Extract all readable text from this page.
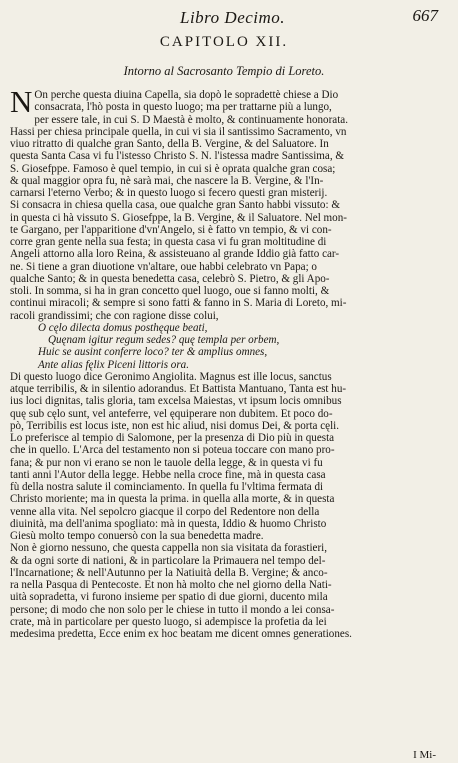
Libro Decimo.	667
CAPITOLO XII.
Intorno al Sacrosanto Tempio di Loreto.
N On perche questa diuina Capella, sia dopò le sopradettè chiese a Dio
consacrata, l'hò posta in questo luogo; ma per trattarne più a lungo,
per essere tale, in cui S. D Maestà è molto, & continuamente honorata.
Hassi per chiesa principale quella, in cui vi sia il santissimo Sacramento, vn
viuo ritratto di qualche gran Santo, della B. Vergine, & del Saluatore. In
questa Santa Casa vi fu l'istesso Christo S. N. l'istessa madre Santissima, &
S. Giosefppe. Famoso è quel tempio, in cui si è oprata qualche gran cosa;
& qual maggior opra fu, nè sarà mai, che nascere la B. Vergine, & l'In-
carnarsi l'eterno Verbo; & in questo luogo si fecero questi gran misterij.
Si consacra in chiesa quella casa, oue qualche gran Santo habbi vissuto: &
in questa ci hà vissuto S. Giosefppe, la B. Vergine, & il Saluatore. Nel mon-
te Gargano, per l'apparitione d'vn'Angelo, si è fatto vn tempio, & vi con-
corre gran gente nella sua festa; in questa casa vi fu gran moltitudine di
Angeli attorno alla loro Reina, & assisteuano al grande Iddio già fatto car-
ne. Si tiene a gran diuotione vn'altare, oue habbi celebrato vn Papa; o
qualche Santo; & in questa benedetta casa, celebrò S. Pietro, & gli Apo-
stoli. In somma, si ha in gran concetto quel luogo, oue si fanno molti, &
continui miracoli; & sempre si sono fatti & fanno in S. Maria di Loreto, mi-
racoli grandissimi; che con ragione disse colui,
O cęlo dilecta domus posthęque beati,
Quęnam igitur regum sedes? quę templa per orbem,
Huic se ausint conferre loco? ter & amplius omnes,
Ante alias fęlix Piceni littoris ora.
Di questo luogo dice Geronimo Angiolita. Magnus est ille locus, sanctus
atque terribilis, & in silentio adorandus. Et Battista Mantuano, Tanta est hu-
ius loci dignitas, talis gloria, tam excelsa Maiestas, vt ipsum locis omnibus
quę sub cęlo sunt, vel anteferre, vel ęquiperare non dubitem. Et poco do-
pò, Terribilis est locus iste, non est hic aliud, nisi domus Dei, & porta cęli.
Lo preferisce al tempio di Salomone, per la presenza di Dio più in questa
che in quello. L'Arca del testamento non si poteua toccare con mano pro-
fana; & pur non vi erano se non le tauole della legge, & in questa vi fu
tanti anni l'Autor della legge. Hebbe nella croce fine, mà in questa casa
fù della nostra salute il cominciamento. In quella fu l'vltima fermata di
Christo moriente; ma in questa la prima. in quella alla morte, & in questa
venne alla vita. Nel sepolcro giacque il corpo del Redentore non della
diuinità, ma dell'anima spogliato: mà in questa, Iddio & huomo Christo
Giesù molto tempo conuersò con la sua benedetta madre.
Non è giorno nessuno, che questa cappella non sia visitata da forastieri,
& da ogni sorte di nationi, & in particolare la Primauera nel tempo del-
l'Incarnatione; & nell'Autunno per la Natiuità della B. Vergine; & anco-
ra nella Pasqua di Pentecoste. Et non hà molto che nel giorno della Nati-
uità sopradetta, vi furono insieme per spatio di due giorni, ducento mila
persone; di modo che non solo per le chiese in tutto il mondo a lei consa-
crate, mà in particolare per questo luogo, si adempisce la profetia da lei
medesima predetta, Ecce enim ex hoc beatam me dicent omnes generationes.
I Mi-
